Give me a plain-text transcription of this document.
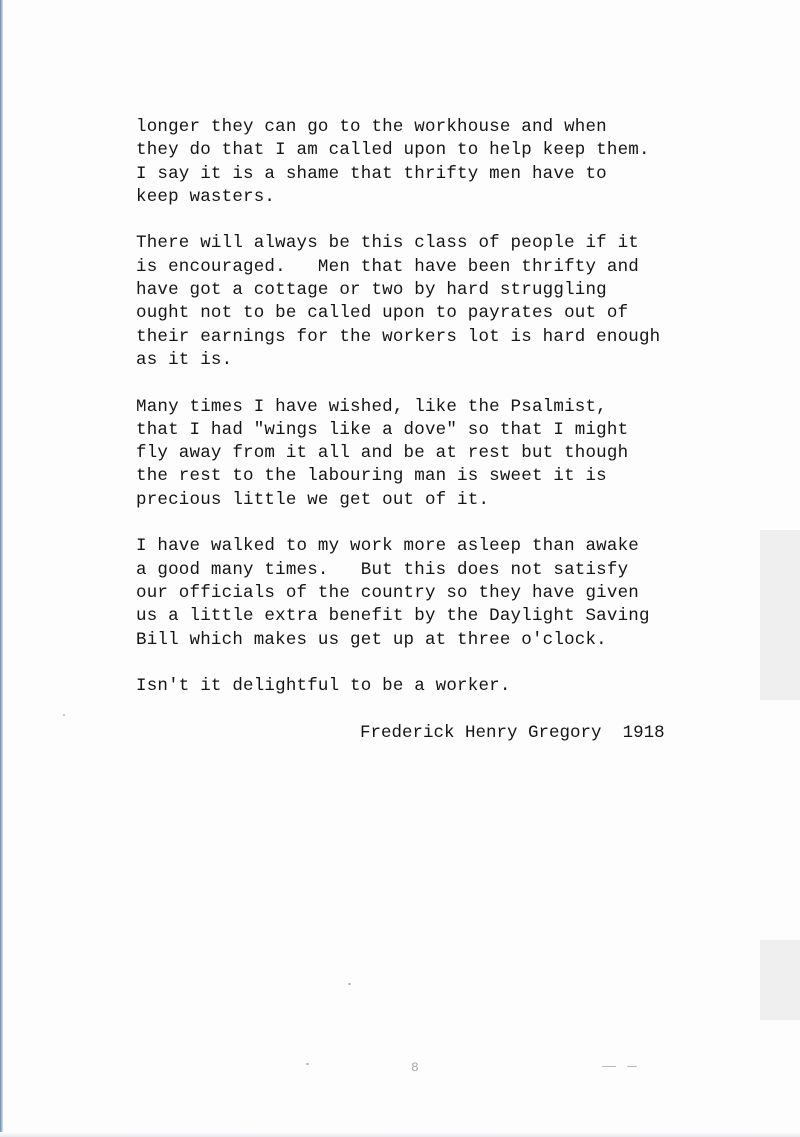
longer they can go to the workhouse and when
they do that I am called upon to help keep them.
I say it is a shame that thrifty men have to
keep wasters.
There will always be this class of people if it
is encouraged.   Men that have been thrifty and
have got a cottage or two by hard struggling
ought not to be called upon to payrates out of
their earnings for the workers lot is hard enough
as it is.
Many times I have wished, like the Psalmist,
that I had "wings like a dove" so that I might
fly away from it all and be at rest but though
the rest to the labouring man is sweet it is
precious little we get out of it.
I have walked to my work more asleep than awake
a good many times.   But this does not satisfy
our officials of the country so they have given
us a little extra benefit by the Daylight Saving
Bill which makes us get up at three o'clock.
Isn't it delightful to be a worker.
Frederick Henry Gregory 1918
8
